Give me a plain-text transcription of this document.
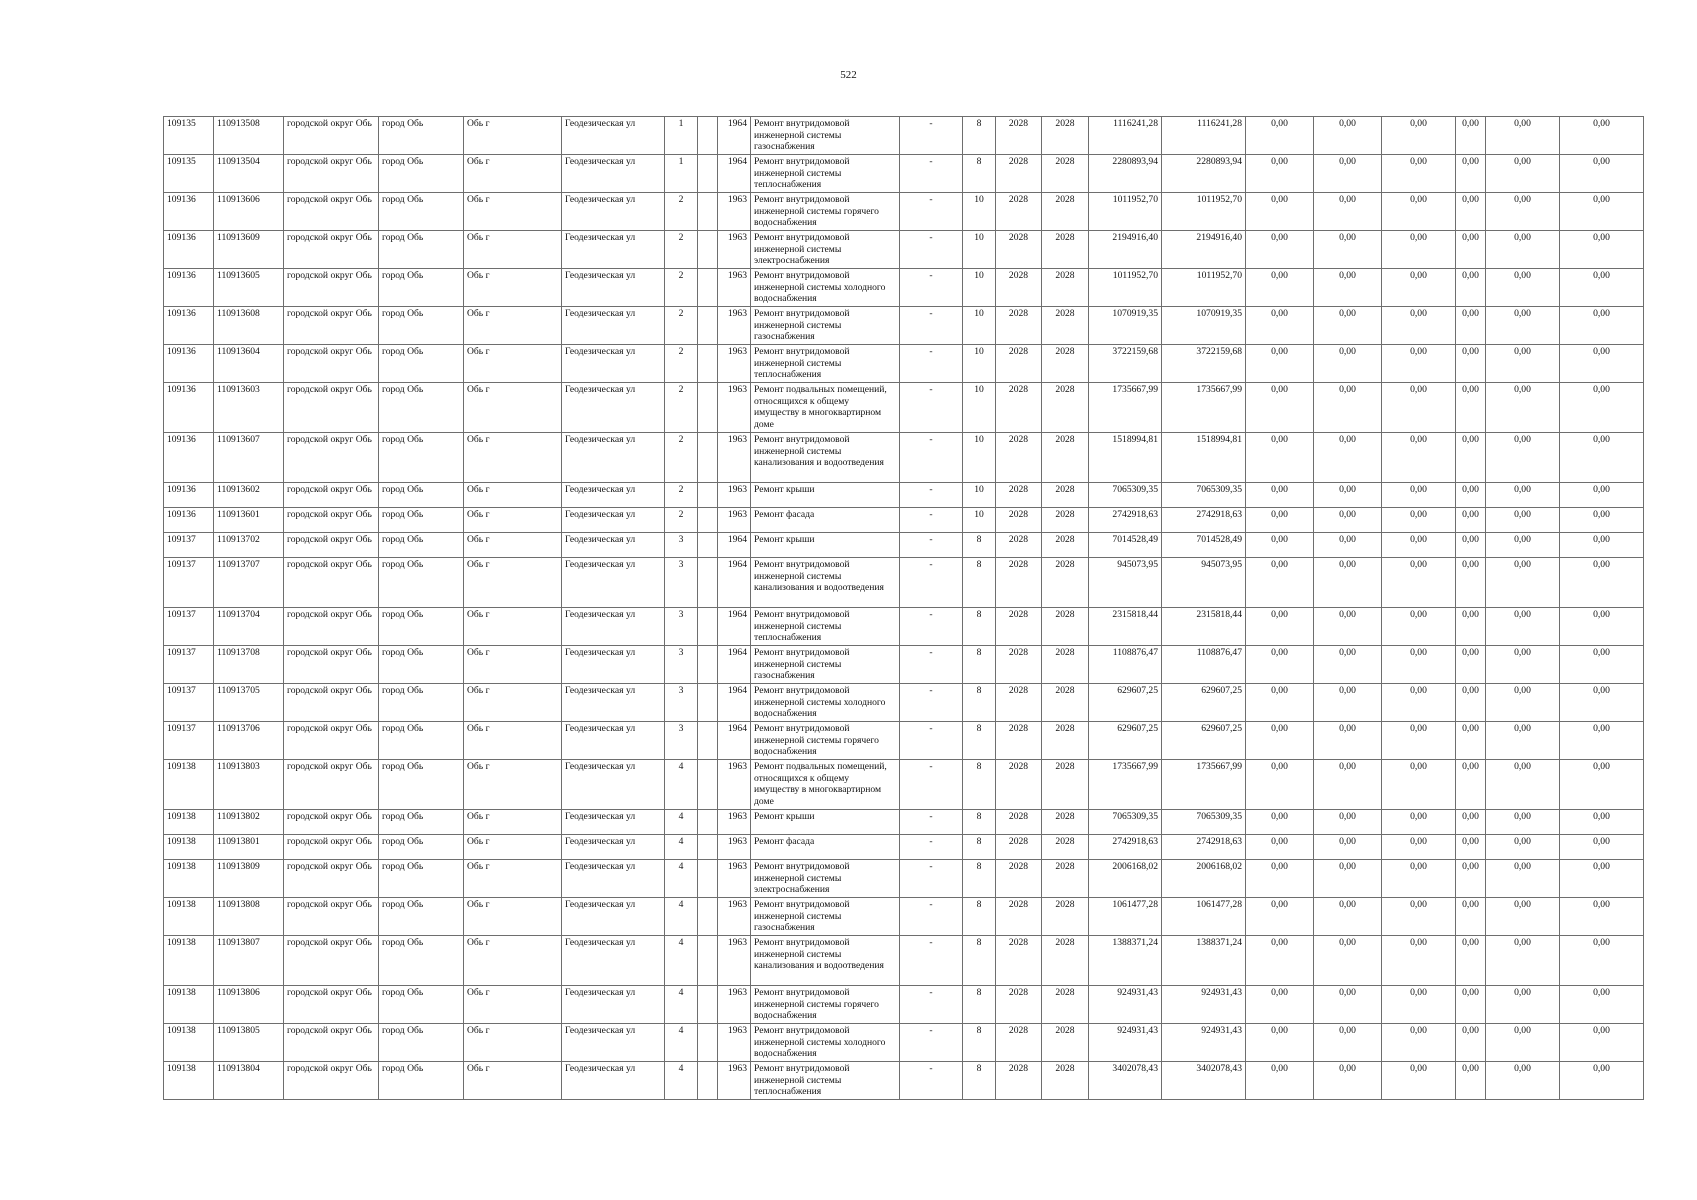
522
109135	110913508	городской округ Обь	город Обь	Обь г	Геодезическая ул	1		1964	Ремонт внутридомовой инженерной системы газоснабжения	-	8	2028	2028	1116241,28	1116241,28	0,00	0,00	0,00	0,00	0,00	0,00
109135	110913504	городской округ Обь	город Обь	Обь г	Геодезическая ул	1		1964	Ремонт внутридомовой инженерной системы теплоснабжения	-	8	2028	2028	2280893,94	2280893,94	0,00	0,00	0,00	0,00	0,00	0,00
109136	110913606	городской округ Обь	город Обь	Обь г	Геодезическая ул	2		1963	Ремонт внутридомовой инженерной системы горячего водоснабжения	-	10	2028	2028	1011952,70	1011952,70	0,00	0,00	0,00	0,00	0,00	0,00
109136	110913609	городской округ Обь	город Обь	Обь г	Геодезическая ул	2		1963	Ремонт внутридомовой инженерной системы электроснабжения	-	10	2028	2028	2194916,40	2194916,40	0,00	0,00	0,00	0,00	0,00	0,00
109136	110913605	городской округ Обь	город Обь	Обь г	Геодезическая ул	2		1963	Ремонт внутридомовой инженерной системы холодного водоснабжения	-	10	2028	2028	1011952,70	1011952,70	0,00	0,00	0,00	0,00	0,00	0,00
109136	110913608	городской округ Обь	город Обь	Обь г	Геодезическая ул	2		1963	Ремонт внутридомовой инженерной системы газоснабжения	-	10	2028	2028	1070919,35	1070919,35	0,00	0,00	0,00	0,00	0,00	0,00
109136	110913604	городской округ Обь	город Обь	Обь г	Геодезическая ул	2		1963	Ремонт внутридомовой инженерной системы теплоснабжения	-	10	2028	2028	3722159,68	3722159,68	0,00	0,00	0,00	0,00	0,00	0,00
109136	110913603	городской округ Обь	город Обь	Обь г	Геодезическая ул	2		1963	Ремонт подвальных помещений, относящихся к общему имуществу в многоквартирном доме	-	10	2028	2028	1735667,99	1735667,99	0,00	0,00	0,00	0,00	0,00	0,00
109136	110913607	городской округ Обь	город Обь	Обь г	Геодезическая ул	2		1963	Ремонт внутридомовой инженерной системы канализования и водоотведения	-	10	2028	2028	1518994,81	1518994,81	0,00	0,00	0,00	0,00	0,00	0,00
109136	110913602	городской округ Обь	город Обь	Обь г	Геодезическая ул	2		1963	Ремонт крыши	-	10	2028	2028	7065309,35	7065309,35	0,00	0,00	0,00	0,00	0,00	0,00
109136	110913601	городской округ Обь	город Обь	Обь г	Геодезическая ул	2		1963	Ремонт фасада	-	10	2028	2028	2742918,63	2742918,63	0,00	0,00	0,00	0,00	0,00	0,00
109137	110913702	городской округ Обь	город Обь	Обь г	Геодезическая ул	3		1964	Ремонт крыши	-	8	2028	2028	7014528,49	7014528,49	0,00	0,00	0,00	0,00	0,00	0,00
109137	110913707	городской округ Обь	город Обь	Обь г	Геодезическая ул	3		1964	Ремонт внутридомовой инженерной системы канализования и водоотведения	-	8	2028	2028	945073,95	945073,95	0,00	0,00	0,00	0,00	0,00	0,00
109137	110913704	городской округ Обь	город Обь	Обь г	Геодезическая ул	3		1964	Ремонт внутридомовой инженерной системы теплоснабжения	-	8	2028	2028	2315818,44	2315818,44	0,00	0,00	0,00	0,00	0,00	0,00
109137	110913708	городской округ Обь	город Обь	Обь г	Геодезическая ул	3		1964	Ремонт внутридомовой инженерной системы газоснабжения	-	8	2028	2028	1108876,47	1108876,47	0,00	0,00	0,00	0,00	0,00	0,00
109137	110913705	городской округ Обь	город Обь	Обь г	Геодезическая ул	3		1964	Ремонт внутридомовой инженерной системы холодного водоснабжения	-	8	2028	2028	629607,25	629607,25	0,00	0,00	0,00	0,00	0,00	0,00
109137	110913706	городской округ Обь	город Обь	Обь г	Геодезическая ул	3		1964	Ремонт внутридомовой инженерной системы горячего водоснабжения	-	8	2028	2028	629607,25	629607,25	0,00	0,00	0,00	0,00	0,00	0,00
109138	110913803	городской округ Обь	город Обь	Обь г	Геодезическая ул	4		1963	Ремонт подвальных помещений, относящихся к общему имуществу в многоквартирном доме	-	8	2028	2028	1735667,99	1735667,99	0,00	0,00	0,00	0,00	0,00	0,00
109138	110913802	городской округ Обь	город Обь	Обь г	Геодезическая ул	4		1963	Ремонт крыши	-	8	2028	2028	7065309,35	7065309,35	0,00	0,00	0,00	0,00	0,00	0,00
109138	110913801	городской округ Обь	город Обь	Обь г	Геодезическая ул	4		1963	Ремонт фасада	-	8	2028	2028	2742918,63	2742918,63	0,00	0,00	0,00	0,00	0,00	0,00
109138	110913809	городской округ Обь	город Обь	Обь г	Геодезическая ул	4		1963	Ремонт внутридомовой инженерной системы электроснабжения	-	8	2028	2028	2006168,02	2006168,02	0,00	0,00	0,00	0,00	0,00	0,00
109138	110913808	городской округ Обь	город Обь	Обь г	Геодезическая ул	4		1963	Ремонт внутридомовой инженерной системы газоснабжения	-	8	2028	2028	1061477,28	1061477,28	0,00	0,00	0,00	0,00	0,00	0,00
109138	110913807	городской округ Обь	город Обь	Обь г	Геодезическая ул	4		1963	Ремонт внутридомовой инженерной системы канализования и водоотведения	-	8	2028	2028	1388371,24	1388371,24	0,00	0,00	0,00	0,00	0,00	0,00
109138	110913806	городской округ Обь	город Обь	Обь г	Геодезическая ул	4		1963	Ремонт внутридомовой инженерной системы горячего водоснабжения	-	8	2028	2028	924931,43	924931,43	0,00	0,00	0,00	0,00	0,00	0,00
109138	110913805	городской округ Обь	город Обь	Обь г	Геодезическая ул	4		1963	Ремонт внутридомовой инженерной системы холодного водоснабжения	-	8	2028	2028	924931,43	924931,43	0,00	0,00	0,00	0,00	0,00	0,00
109138	110913804	городской округ Обь	город Обь	Обь г	Геодезическая ул	4		1963	Ремонт внутридомовой инженерной системы теплоснабжения	-	8	2028	2028	3402078,43	3402078,43	0,00	0,00	0,00	0,00	0,00	0,00
